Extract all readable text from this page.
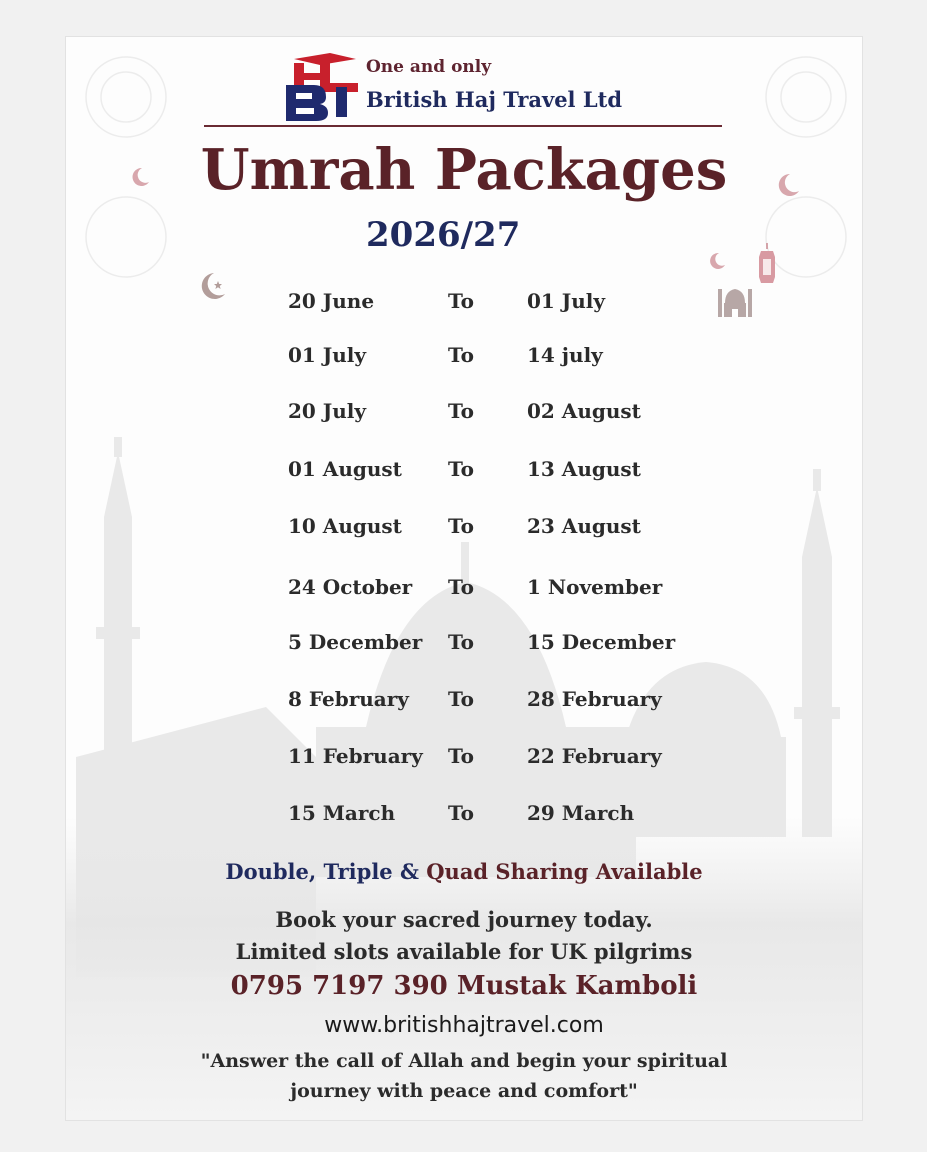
One and only
British Haj Travel Ltd
Umrah Packages
2026/27
20 June	To	01 July
01 July	To	14 july
20 July	To	02 August
01 August To	13 August
10 August To	23 August
24 October To	1 November
5 December To	15 December
8 February To	28 February
11 February To	22 February
15 March	To	29 March
Double, Triple & Quad Sharing Available
Book your sacred journey today.
Limited slots available for UK pilgrims
0795 7197 390 Mustak Kamboli
www.britishhajtravel.com
"Answer the call of Allah and begin your spiritual
journey with peace and comfort"
